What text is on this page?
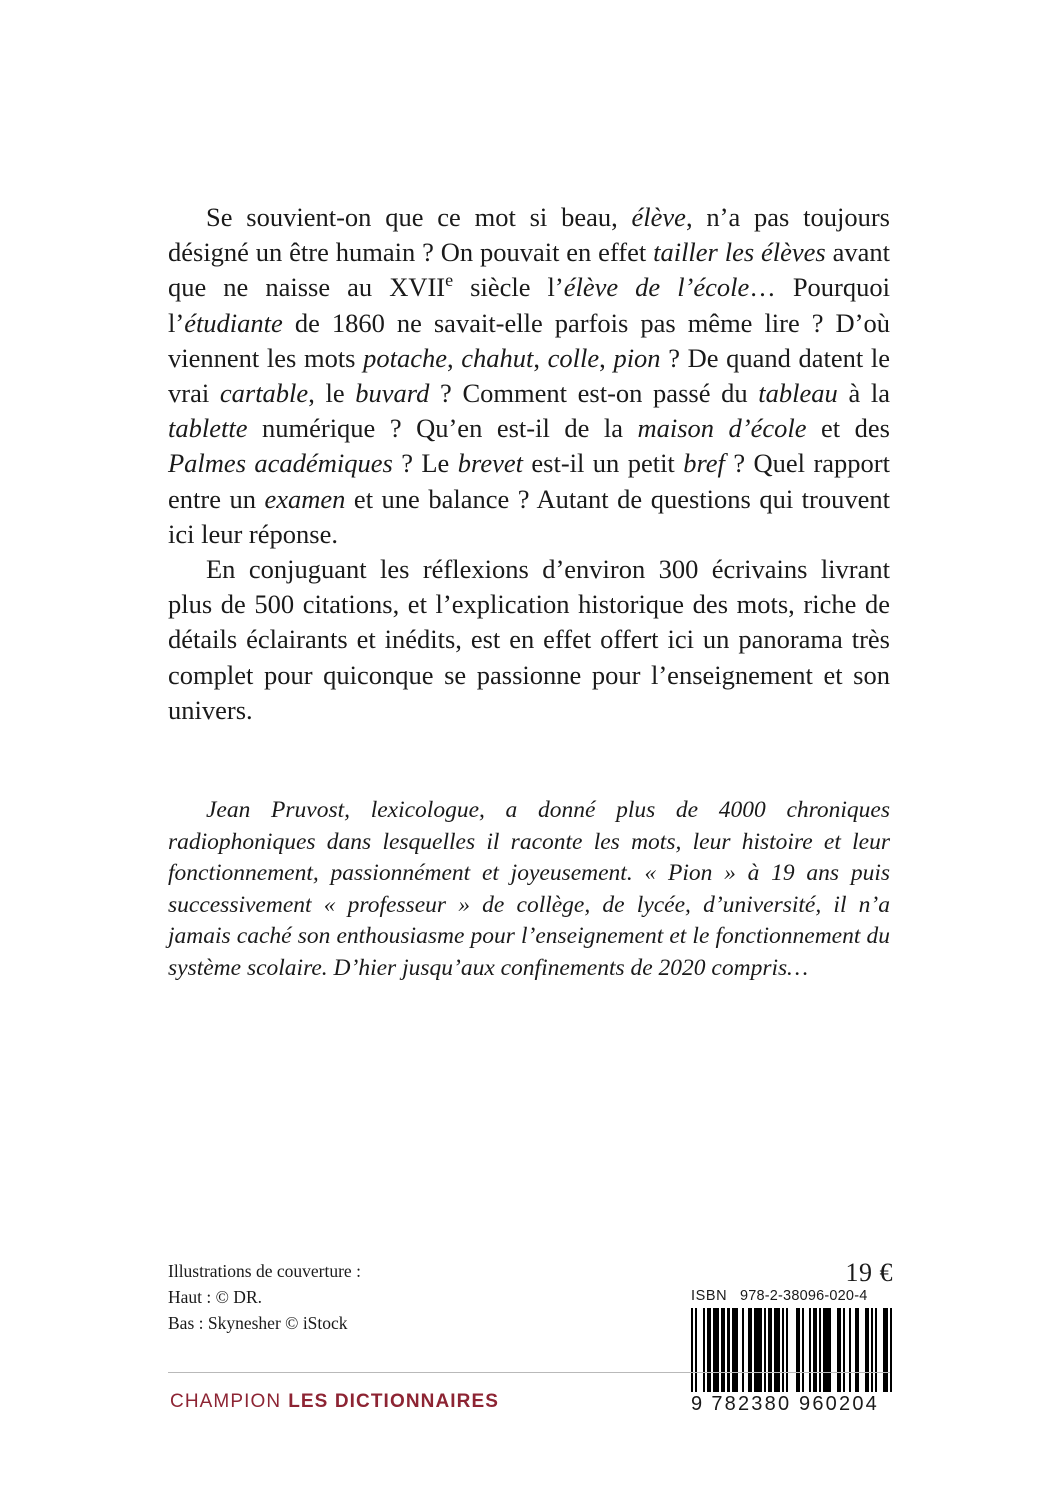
Se souvient-on que ce mot si beau, élève, n’a pas toujours désigné un être humain ? On pouvait en effet tailler les élèves avant que ne naisse au XVIIe siècle l’élève de l’école… Pourquoi l’étudiante de 1860 ne savait-elle parfois pas même lire ? D’où viennent les mots potache, chahut, colle, pion ? De quand datent le vrai cartable, le buvard ? Comment est-on passé du tableau à la tablette numérique ? Qu’en est-il de la maison d’école et des Palmes académiques ? Le brevet est-il un petit bref ? Quel rapport entre un examen et une balance ? Autant de questions qui trouvent ici leur réponse.

En conjuguant les réflexions d’environ 300 écrivains livrant plus de 500 citations, et l’explication historique des mots, riche de détails éclairants et inédits, est en effet offert ici un panorama très complet pour quiconque se passionne pour l’enseignement et son univers.

Jean Pruvost, lexicologue, a donné plus de 4000 chroniques radiophoniques dans lesquelles il raconte les mots, leur histoire et leur fonctionnement, passionnément et joyeusement. « Pion » à 19 ans puis successivement « professeur » de collège, de lycée, d’université, il n’a jamais caché son enthousiasme pour l’enseignement et le fonctionnement du système scolaire. D’hier jusqu’aux confinements de 2020 compris…

Illustrations de couverture :
Haut : © DR.
Bas : Skynesher © iStock
19 €
ISBN 978-2-38096-020-4
9 782380 960204
CHAMPION LES DICTIONNAIRES
